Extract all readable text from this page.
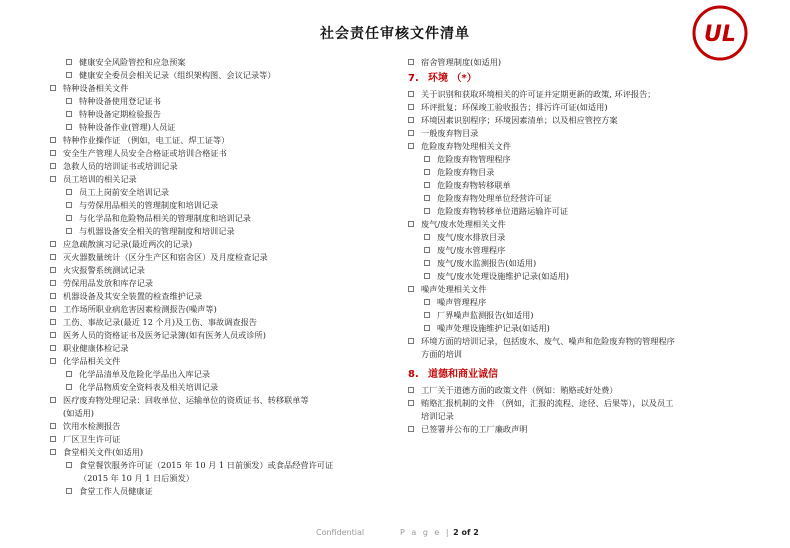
社会责任审核文件清单	UL
健康安全风险管控和应急预案
健康安全委员会相关记录（组织架构图、会议记录等）
特种设备相关文件
特种设备使用登记证书
特种设备定期检验报告
特种设备作业(管理)人员证
特种作业操作证 （例如，电工证、焊工证等）
安全生产管理人员安全合格证或培训合格证书
急救人员的培训证书或培训记录
员工培训的相关记录
员工上岗前安全培训记录
与劳保用品相关的管理制度和培训记录
与化学品和危险物品相关的管理制度和培训记录
与机器设备安全相关的管理制度和培训记录
应急疏散演习记录(最近两次的记录)
灭火器数量统计（区分生产区和宿舍区）及月度检查记录
火灾报警系统测试记录
劳保用品发放和库存记录
机器设备及其安全装置的检查维护记录
工作场所职业病危害因素检测报告(噪声等)
工伤、事故记录(最近 12 个月)及工伤、事故调查报告
医务人员的资格证书及医务记录簿(如有医务人员或诊所)
职业健康体检记录
化学品相关文件
化学品清单及危险化学品出入库记录
化学品物质安全资料表及相关培训记录
医疗废弃物处理记录：回收单位、运输单位的资质证书、转移联单等
(如适用)
饮用水检测报告
厂区卫生许可证
食堂相关文件(如适用)
食堂餐饮服务许可证（2015 年 10 月 1 日前颁发）或食品经营许可证
（2015 年 10 月 1 日后颁发）
食堂工作人员健康证
宿舍管理制度(如适用)
7. 环境 （*）
关于识别和获取环境相关的许可证并定期更新的政策, 环评报告；
环评批复；环保竣工验收报告；排污许可证(如适用)
环境因素识别程序；环境因素清单；以及相应管控方案
一般废弃物目录
危险废弃物处理相关文件
危险废弃物管理程序
危险废弃物目录
危险废弃物转移联单
危险废弃物处理单位经营许可证
危险废弃物转移单位道路运输许可证
废气/废水处理相关文件
废气/废水排放目录
废气/废水管理程序
废气/废水监测报告(如适用)
废气/废水处理设施维护记录(如适用)
噪声处理相关文件
噪声管理程序
厂界噪声监测报告(如适用)
噪声处理设施维护记录(如适用)
环境方面的培训记录，包括废水、废气、噪声和危险废弃物的管理程序
方面的培训
8. 道德和商业诚信
工厂关于道德方面的政策文件（例如：贿赂或好处费）
贿赂汇报机制的文件 （例如，汇报的流程、途径、后果等），以及员工
培训记录
已签署并公布的工厂廉政声明
Confidential	P a g e | 2 of 2
